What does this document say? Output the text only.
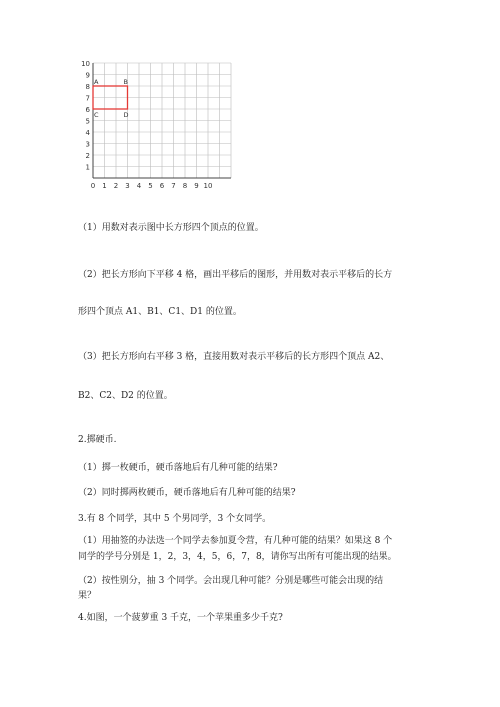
10
9
8
7
6
5
4
3
2
1
0 1 2 3 4 5 6 7 8 9 10
A	B
C	D
（1）用数对表示图中长方形四个顶点的位置。
（2）把长方形向下平移 4 格，画出平移后的图形，并用数对表示平移后的长方
形四个顶点 A1、B1、C1、D1 的位置。
（3）把长方形向右平移 3 格，直接用数对表示平移后的长方形四个顶点 A2、
B2、C2、D2 的位置。
2.掷硬币.
（1）掷一枚硬币，硬币落地后有几种可能的结果?
（2）同时掷两枚硬币，硬币落地后有几种可能的结果?
3.有 8 个同学，其中 5 个男同学，3 个女同学。
（1）用抽签的办法选一个同学去参加夏令营，有几种可能的结果？如果这 8 个
同学的学号分别是 1，2，3，4，5，6，7，8，请你写出所有可能出现的结果。
（2）按性别分，抽 3 个同学。会出现几种可能？分别是哪些可能会出现的结
果？
4.如图，一个菠萝重 3 千克，一个苹果重多少千克?
